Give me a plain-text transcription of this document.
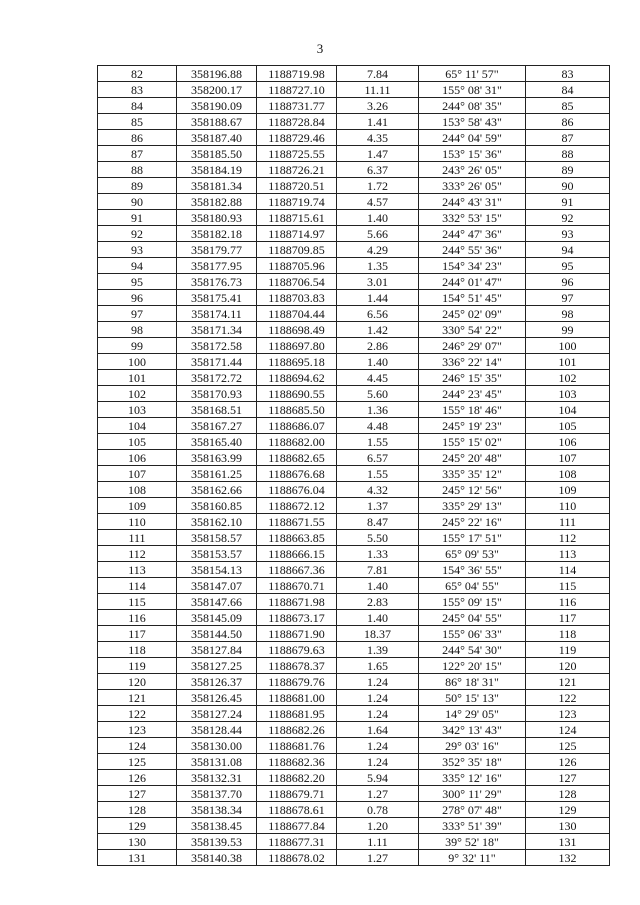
3
82	358196.88	1188719.98	7.84	65° 11' 57"	83
83	358200.17	1188727.10	11.11	155° 08' 31"	84
84	358190.09	1188731.77	3.26	244° 08' 35"	85
85	358188.67	1188728.84	1.41	153° 58' 43"	86
86	358187.40	1188729.46	4.35	244° 04' 59"	87
87	358185.50	1188725.55	1.47	153° 15' 36"	88
88	358184.19	1188726.21	6.37	243° 26' 05"	89
89	358181.34	1188720.51	1.72	333° 26' 05"	90
90	358182.88	1188719.74	4.57	244° 43' 31"	91
91	358180.93	1188715.61	1.40	332° 53' 15"	92
92	358182.18	1188714.97	5.66	244° 47' 36"	93
93	358179.77	1188709.85	4.29	244° 55' 36"	94
94	358177.95	1188705.96	1.35	154° 34' 23"	95
95	358176.73	1188706.54	3.01	244° 01' 47"	96
96	358175.41	1188703.83	1.44	154° 51' 45"	97
97	358174.11	1188704.44	6.56	245° 02' 09"	98
98	358171.34	1188698.49	1.42	330° 54' 22"	99
99	358172.58	1188697.80	2.86	246° 29' 07"	100
100	358171.44	1188695.18	1.40	336° 22' 14"	101
101	358172.72	1188694.62	4.45	246° 15' 35"	102
102	358170.93	1188690.55	5.60	244° 23' 45"	103
103	358168.51	1188685.50	1.36	155° 18' 46"	104
104	358167.27	1188686.07	4.48	245° 19' 23"	105
105	358165.40	1188682.00	1.55	155° 15' 02"	106
106	358163.99	1188682.65	6.57	245° 20' 48"	107
107	358161.25	1188676.68	1.55	335° 35' 12"	108
108	358162.66	1188676.04	4.32	245° 12' 56"	109
109	358160.85	1188672.12	1.37	335° 29' 13"	110
110	358162.10	1188671.55	8.47	245° 22' 16"	111
111	358158.57	1188663.85	5.50	155° 17' 51"	112
112	358153.57	1188666.15	1.33	65° 09' 53"	113
113	358154.13	1188667.36	7.81	154° 36' 55"	114
114	358147.07	1188670.71	1.40	65° 04' 55"	115
115	358147.66	1188671.98	2.83	155° 09' 15"	116
116	358145.09	1188673.17	1.40	245° 04' 55"	117
117	358144.50	1188671.90	18.37	155° 06' 33"	118
118	358127.84	1188679.63	1.39	244° 54' 30"	119
119	358127.25	1188678.37	1.65	122° 20' 15"	120
120	358126.37	1188679.76	1.24	86° 18' 31"	121
121	358126.45	1188681.00	1.24	50° 15' 13"	122
122	358127.24	1188681.95	1.24	14° 29' 05"	123
123	358128.44	1188682.26	1.64	342° 13' 43"	124
124	358130.00	1188681.76	1.24	29° 03' 16"	125
125	358131.08	1188682.36	1.24	352° 35' 18"	126
126	358132.31	1188682.20	5.94	335° 12' 16"	127
127	358137.70	1188679.71	1.27	300° 11' 29"	128
128	358138.34	1188678.61	0.78	278° 07' 48"	129
129	358138.45	1188677.84	1.20	333° 51' 39"	130
130	358139.53	1188677.31	1.11	39° 52' 18"	131
131	358140.38	1188678.02	1.27	9° 32' 11"	132
